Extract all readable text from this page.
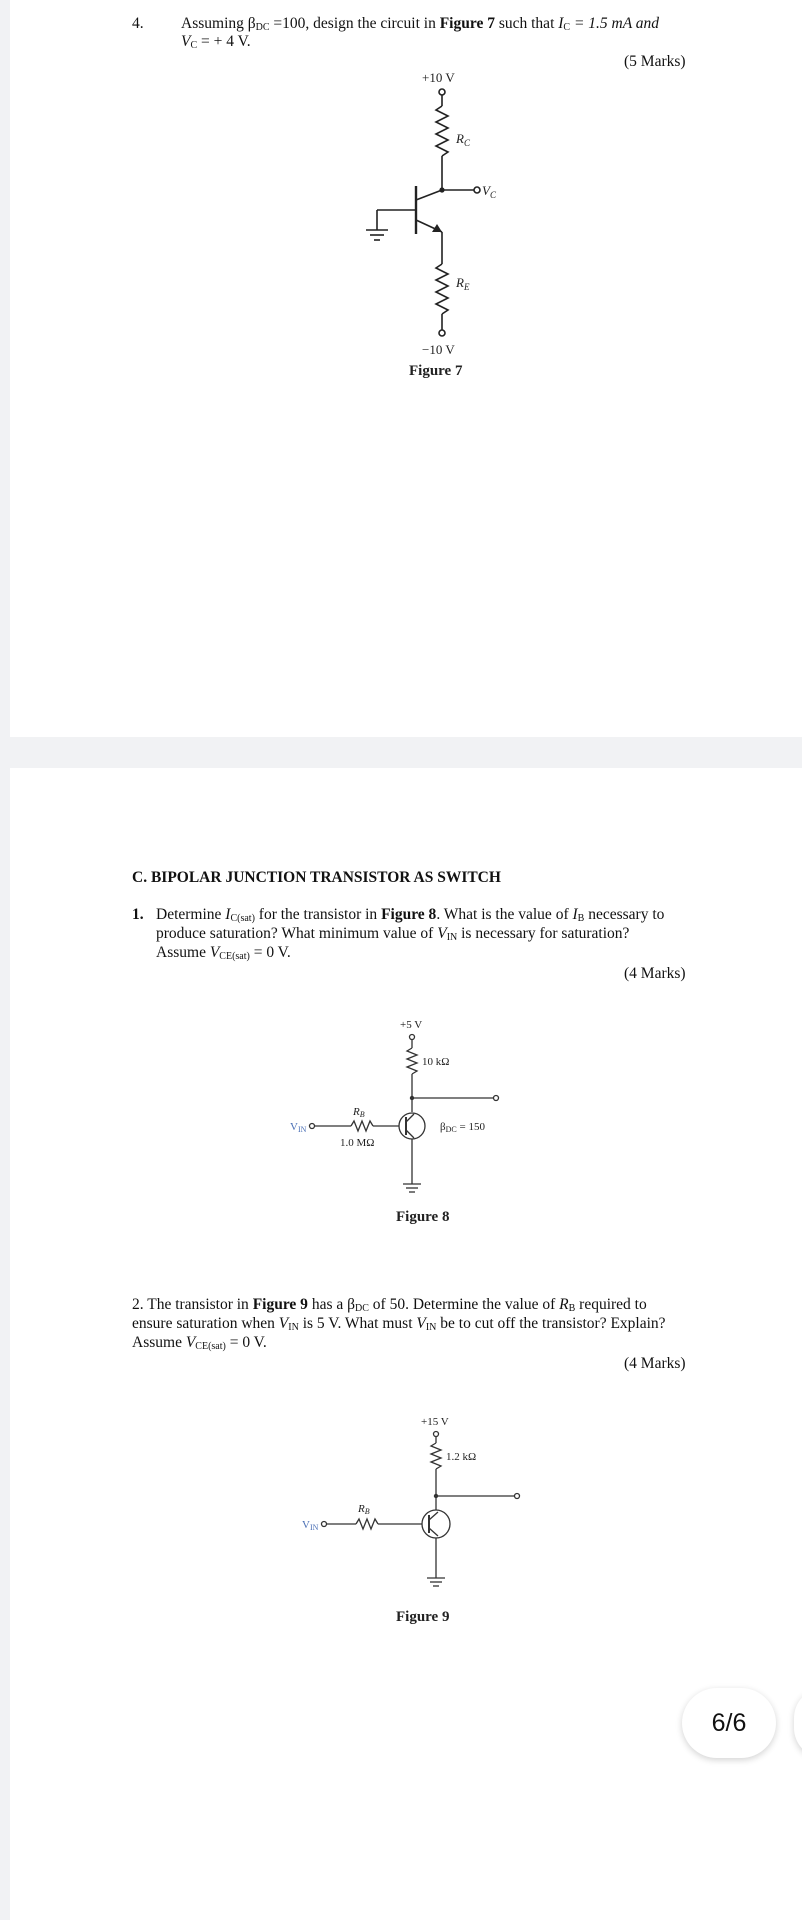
4. Assuming $\beta_{DC} =100$, design the circuit in Figure 7 such that $I_C = 1.5$ mA and
$V_C$ = + 4 V.
(5 Marks)
+10 V
$R_C$
$V_C$
$R_E$
−10 V
Figure 7
C. BIPOLAR JUNCTION TRANSISTOR AS SWITCH
1. Determine $I_{C(sat)}$ for the transistor in Figure 8. What is the value of $I_B$ necessary to
produce saturation? What minimum value of $V_{IN}$ is necessary for saturation?
Assume $V_{CE(sat)} = 0$ V.
(4 Marks)
+5 V
10 kΩ
RB
1.0 MΩ
VIN	βDC = 150
Figure 8
2. The transistor in Figure 9 has a $\beta_{DC}$ of 50. Determine the value of $R_B$ required to
ensure saturation when $V_{IN}$ is 5 V. What must $V_{IN}$ be to cut off the transistor? Explain?
Assume $V_{CE(sat)} = 0$ V.
(4 Marks)
+15 V
1.2 kΩ
RB
VIN
Figure 9
6/6
